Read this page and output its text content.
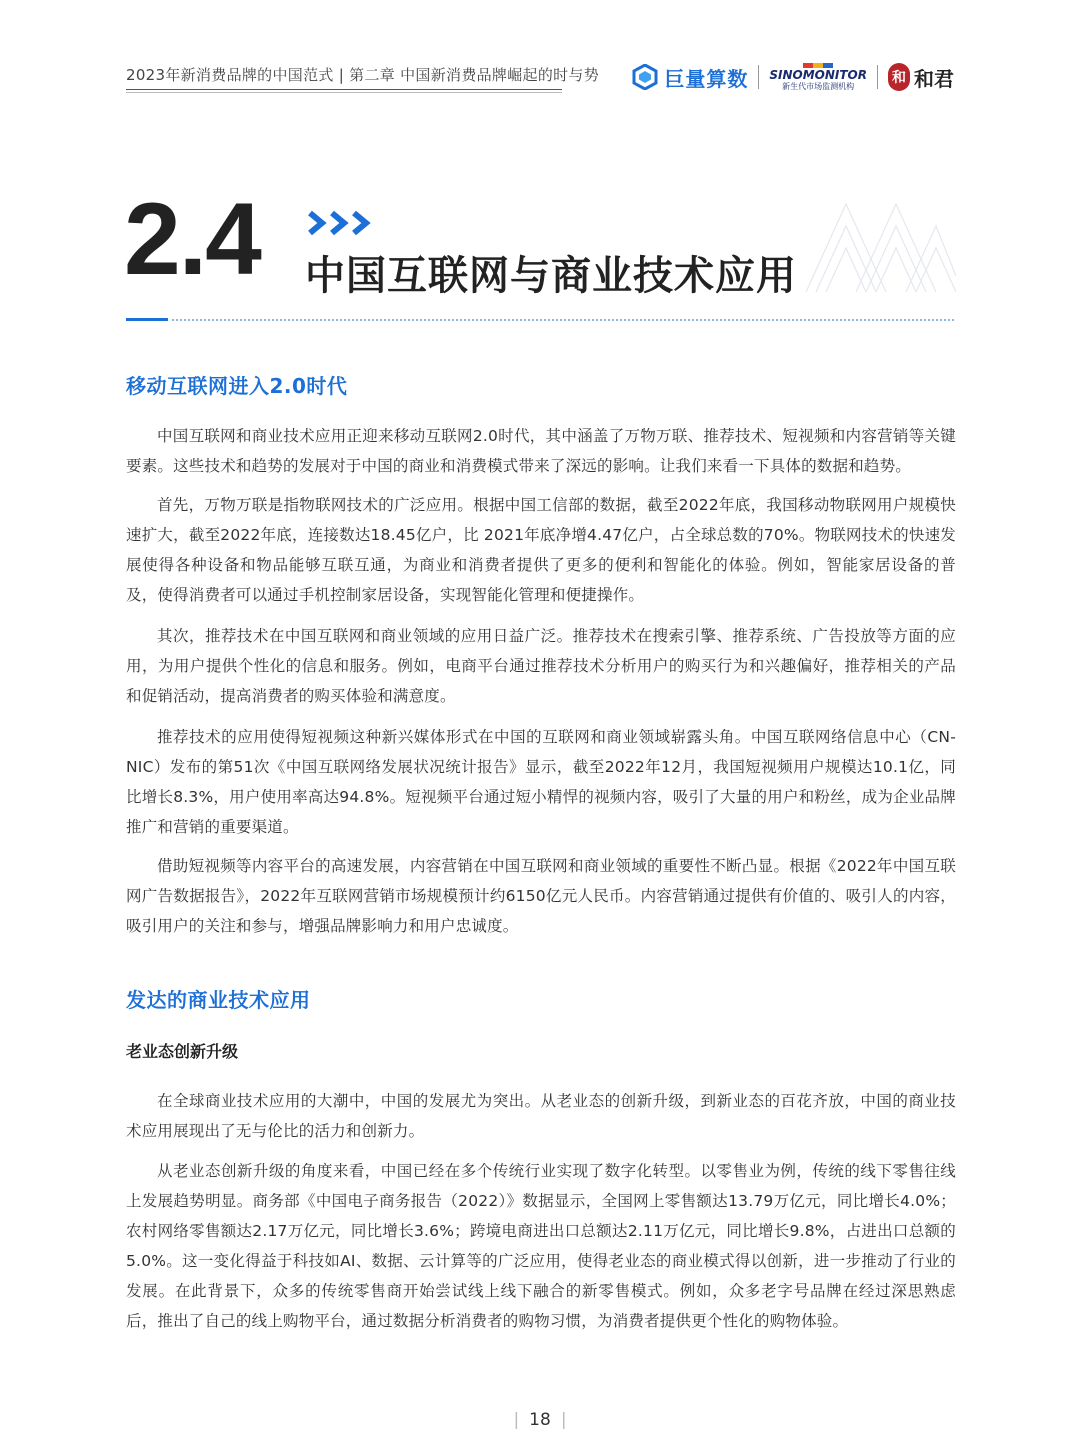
2023年新消费品牌的中国范式 | 第二章 中国新消费品牌崛起的时与势	巨量算数 SINOMONITOR
新生代市场监测机构
和 和君
2.4 中国互联网与商业技术应用
移动互联网进入2.0时代

中国互联网和商业技术应用正迎来移动互联网2.0时代，其中涵盖了万物万联、推荐技术、短视频和内容营销等关键要素。这些技术和趋势的发展对于中国的商业和消费模式带来了深远的影响。让我们来看一下具体的数据和趋势。

首先，万物万联是指物联网技术的广泛应用。根据中国工信部的数据，截至2022年底，我国移动物联网用户规模快速扩大，截至2022年底，连接数达18.45亿户，比 2021年底净增4.47亿户，占全球总数的70%。物联网技术的快速发展使得各种设备和物品能够互联互通，为商业和消费者提供了更多的便利和智能化的体验。例如，智能家居设备的普及，使得消费者可以通过手机控制家居设备，实现智能化管理和便捷操作。

其次，推荐技术在中国互联网和商业领域的应用日益广泛。推荐技术在搜索引擎、推荐系统、广告投放等方面的应用，为用户提供个性化的信息和服务。例如，电商平台通过推荐技术分析用户的购买行为和兴趣偏好，推荐相关的产品和促销活动，提高消费者的购买体验和满意度。

推荐技术的应用使得短视频这种新兴媒体形式在中国的互联网和商业领域崭露头角。中国互联网络信息中心（CN-NIC）发布的第51次《中国互联网络发展状况统计报告》显示，截至2022年12月，我国短视频用户规模达10.1亿，同比增长8.3%，用户使用率高达94.8%。短视频平台通过短小精悍的视频内容，吸引了大量的用户和粉丝，成为企业品牌推广和营销的重要渠道。

借助短视频等内容平台的高速发展，内容营销在中国互联网和商业领域的重要性不断凸显。根据《2022年中国互联网广告数据报告》，2022年互联网营销市场规模预计约6150亿元人民币。内容营销通过提供有价值的、吸引人的内容，吸引用户的关注和参与，增强品牌影响力和用户忠诚度。

发达的商业技术应用
老业态创新升级

在全球商业技术应用的大潮中，中国的发展尤为突出。从老业态的创新升级，到新业态的百花齐放，中国的商业技术应用展现出了无与伦比的活力和创新力。

从老业态创新升级的角度来看，中国已经在多个传统行业实现了数字化转型。以零售业为例，传统的线下零售往线上发展趋势明显。商务部《中国电子商务报告（2022）》数据显示，全国网上零售额达13.79万亿元，同比增长4.0%；农村网络零售额达2.17万亿元，同比增长3.6%；跨境电商进出口总额达2.11万亿元，同比增长9.8%，占进出口总额的5.0%。这一变化得益于科技如AI、数据、云计算等的广泛应用，使得老业态的商业模式得以创新，进一步推动了行业的发展。在此背景下，众多的传统零售商开始尝试线上线下融合的新零售模式。例如，众多老字号品牌在经过深思熟虑后，推出了自己的线上购物平台，通过数据分析消费者的购物习惯，为消费者提供更个性化的购物体验。

| 18 |
